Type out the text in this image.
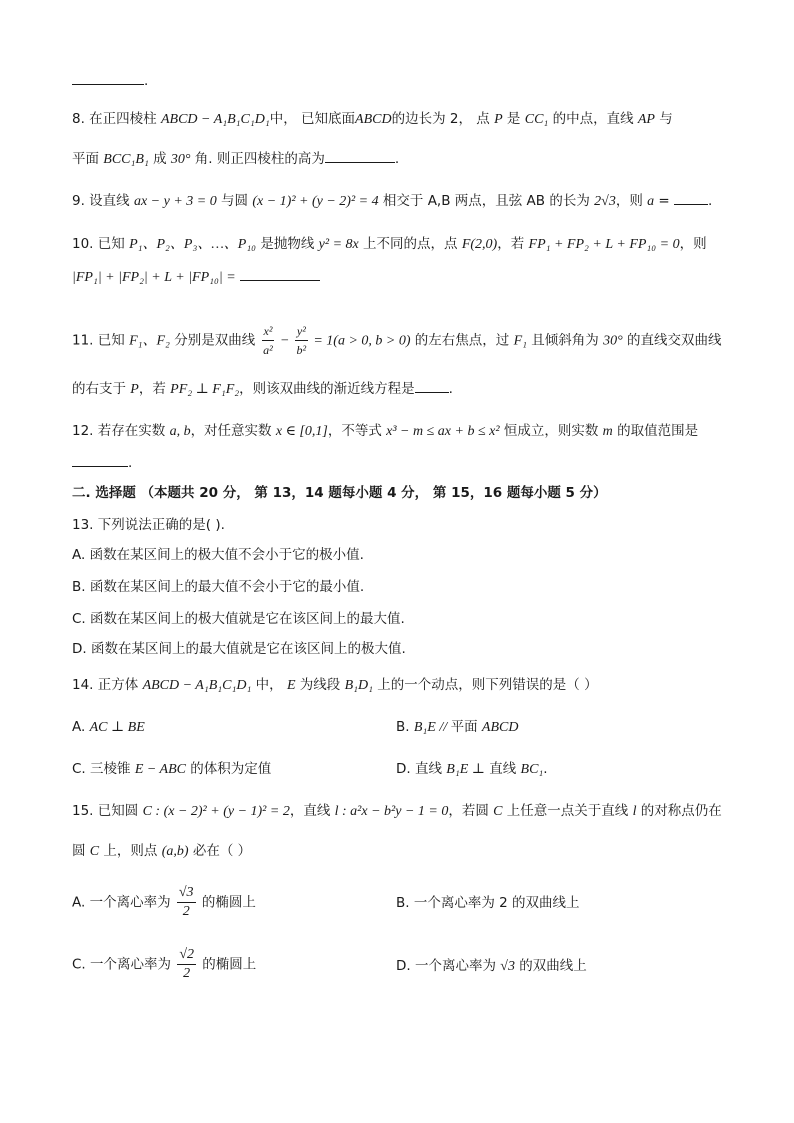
.
8. 在正四棱柱 ABCD − A₁B₁C₁D₁中， 已知底面ABCD的边长为 2， 点 P 是 CC₁ 的中点，直线 AP 与
平面 BCC₁B₁ 成 30° 角. 则正四棱柱的高为	.
9. 设直线 ax − y + 3 = 0 与圆 (x − 1)² + (y − 2)² = 4 相交于 A,B 两点，且弦 AB 的长为 2√3，则 a =	.
10. 已知 P₁、P₂、P₃、…、P₁₀ 是抛物线 y² = 8x 上不同的点，点 F(2,0)，若 FP₁ + FP₂ + L + FP₁₀ = 0，则
|FP₁| + |FP₂| + L + |FP₁₀| =
11. 已知 F₁、F₂ 分别是双曲线 $\frac{\text{x²}}{\text{a²}} - \frac{\text{y²}}{\text{b²}} = 1(a > 0$, b > 0) 的左右焦点，过 F₁ 且倾斜角为 30° 的直线交双曲线
的右支于 P，若 PF₂ ⊥ F₁F₂，则该双曲线的渐近线方程是	.
12. 若存在实数 a, b，对任意实数 x ∈ [0,1]，不等式 x³ − m ≤ ax + b ≤ x² 恒成立，则实数 m 的取值范围是
.
二. 选择题 （本题共 20 分， 第 13，14 题每小题 4 分， 第 15，16 题每小题 5 分）
13. 下列说法正确的是( ).
A. 函数在某区间上的极大值不会小于它的极小值.
B. 函数在某区间上的最大值不会小于它的最小值.
C. 函数在某区间上的极大值就是它在该区间上的最大值.
D. 函数在某区间上的最大值就是它在该区间上的极大值.
14. 正方体 ABCD − A₁B₁C₁D₁ 中， E 为线段 B₁D₁ 上的一个动点，则下列错误的是（ ）
A. AC ⊥ BE	B. B₁E // 平面 ABCD
C. 三棱锥 E − ABC 的体积为定值	D. 直线 B₁E ⊥ 直线 BC₁.
15. 已知圆 C : (x − 2)² + (y − 1)² = 2，直线 l : a²x − b²y − 1 = 0，若圆 C 上任意一点关于直线 l 的对称点仍在
圆 C 上，则点 (a,b) 必在（ ）
A. 一个离心率为 $\frac{√3}{2}$ 的椭圆上	B. 一个离心率为 2 的双曲线上
C. 一个离心率为 $\frac{√2}{2}$ 的椭圆上	D. 一个离心率为 √3 的双曲线上
